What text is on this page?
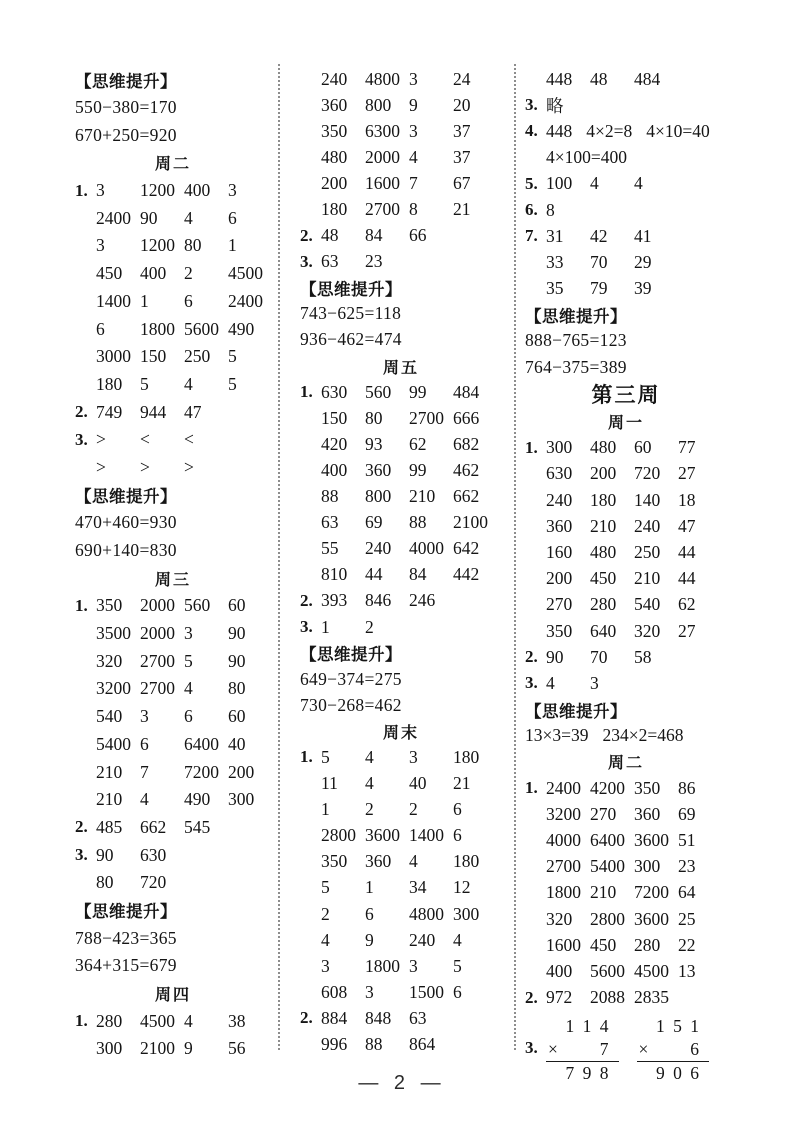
【思维提升】
550−380=170
670+250=920
周二
1. 3	1200 400	3
2400 90	4	6
3	1200 80	1
450	400	2	4500
1400 1	6	2400
6	1800 5600 490
3000 150	250	5
180	5	4	5
2. 749	944	47
3. >	<	<
>	>	>
【思维提升】
470+460=930
690+140=830
周三
1. 350	2000 560	60
3500 2000 3	90
320	2700 5	90
3200 2700 4	80
540	3	6	60
5400 6	6400 40
210	7	7200 200
210	4	490	300
2. 485	662	545
3. 90	630
80	720
【思维提升】
788−423=365
364+315=679
周四
1. 280	4500 4	38
300	2100 9	56
240	4800 3	24
360	800	9	20
350	6300 3	37
480	2000 4	37
200	1600 7	67
180	2700 8	21
2. 48	84	66
3. 63	23
【思维提升】
743−625=118
936−462=474
周五
1. 630	560	99	484
150	80	2700 666
420	93	62	682
400	360	99	462
88	800	210	662
63	69	88	2100
55	240	4000 642
810	44	84	442
2. 393	846	246
3. 1	2
【思维提升】
649−374=275
730−268=462
周末
1. 5	4	3	180
11	4	40	21
1	2	2	6
2800 3600 1400 6
350	360	4	180
5	1	34	12
2	6	4800 300
4	9	240	4
3	1800 3	5
608	3	1500 6
2. 884	848	63
996	88	864
448	48	484
3. 略
4. 448 4×2=8 4×10=40
4×100=400
5. 100	4	4
6. 8
7. 31	42	41
33	70	29
35	79	39
【思维提升】
888−765=123
764−375=389
第三周
周一
1. 300	480	60	77
630	200	720	27
240	180	140	18
360	210	240	47
160	480	250	44
200	450	210	44
270	280	540	62
350	640	320	27
2. 90	70	58
3. 4	3
【思维提升】
13×3=39 234×2=468
周二
1. 2400 4200 350	86
3200 270	360	69
4000 6400 3600 51
2700 5400 300	23
1800 210	7200 64
320	2800 3600 25
1600 450	280	22
400	5600 4500 13
2. 972	2088 2835
3.
1 1 4
× 7
7 9 8
1 5 1
× 6
9 0 6
— 2 —
